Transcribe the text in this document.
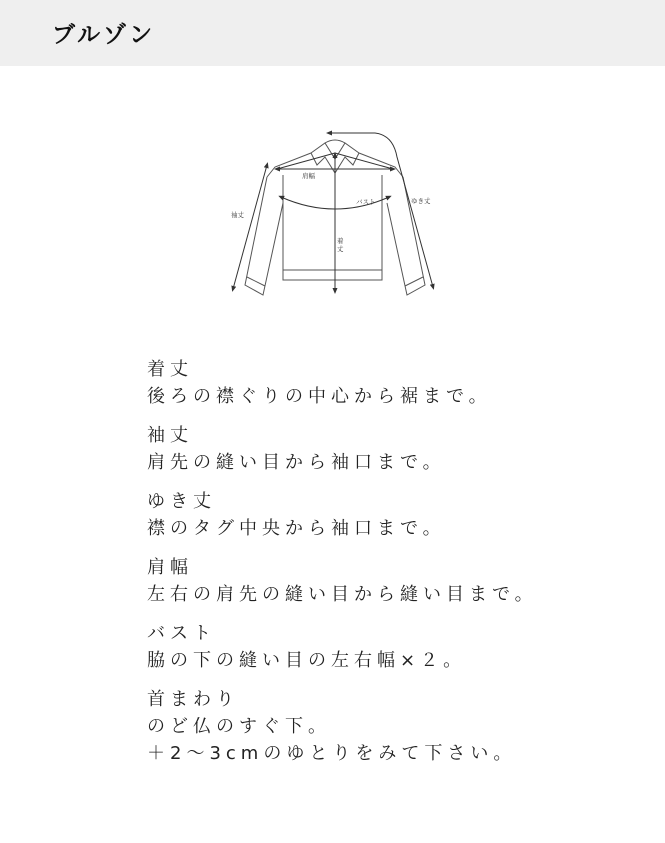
ブルゾン
肩幅
バスト
袖丈
ゆき丈
着
丈
着丈
後ろの襟ぐりの中心から裾まで。
袖丈
肩先の縫い目から袖口まで。
ゆき丈
襟のタグ中央から袖口まで。
肩幅
左右の肩先の縫い目から縫い目まで。
バスト
脇の下の縫い目の左右幅×２。
首まわり
のど仏のすぐ下。
＋2〜3cmのゆとりをみて下さい。
